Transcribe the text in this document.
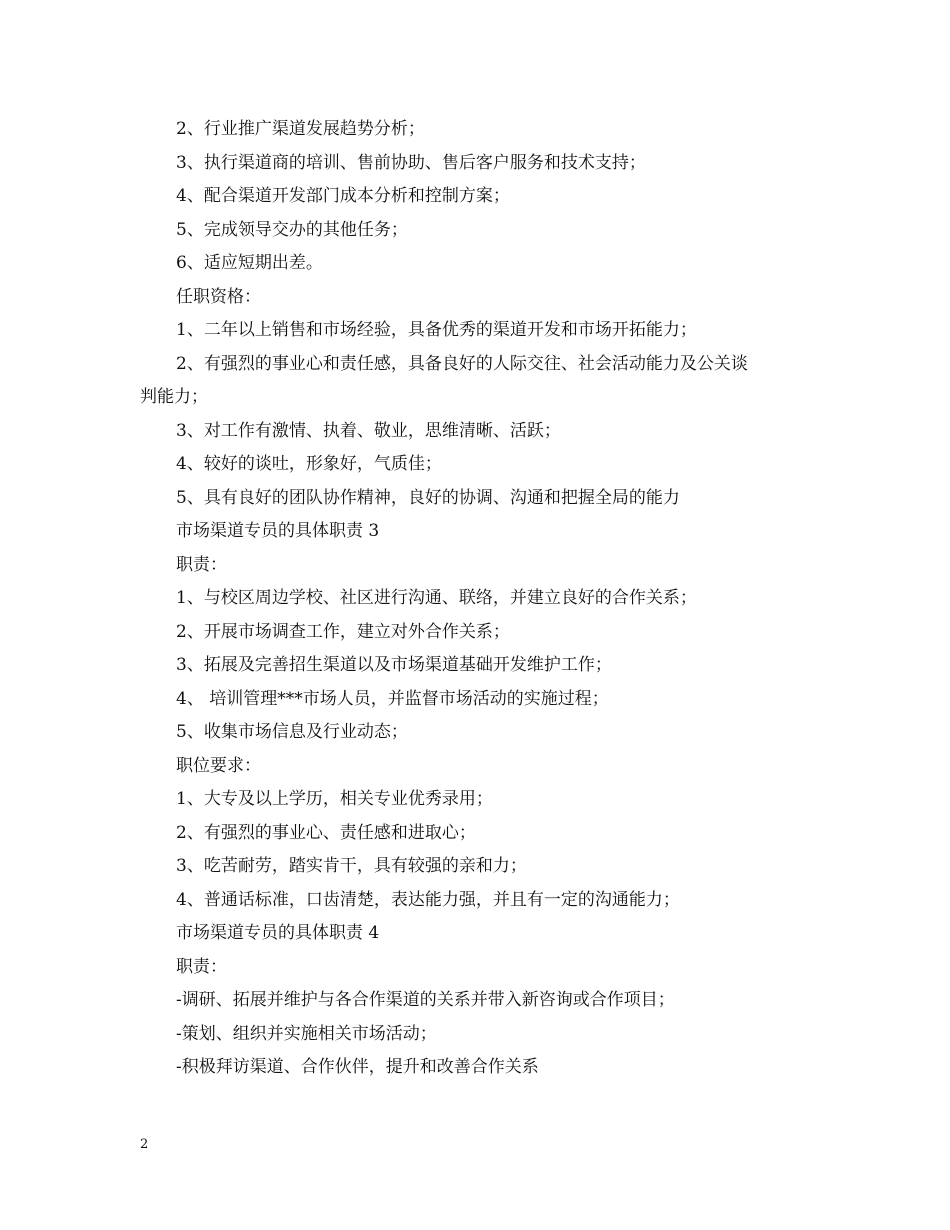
2、行业推广渠道发展趋势分析；

3、执行渠道商的培训、售前协助、售后客户服务和技术支持；

4、配合渠道开发部门成本分析和控制方案；

5、完成领导交办的其他任务；

6、适应短期出差。

任职资格：

1、二年以上销售和市场经验，具备优秀的渠道开发和市场开拓能力；

2、有强烈的事业心和责任感，具备良好的人际交往、社会活动能力及公关谈

判能力；

3、对工作有激情、执着、敬业，思维清晰、活跃；

4、较好的谈吐，形象好，气质佳；

5、具有良好的团队协作精神，良好的协调、沟通和把握全局的能力

市场渠道专员的具体职责 3

职责：

1、与校区周边学校、社区进行沟通、联络，并建立良好的合作关系；

2、开展市场调查工作，建立对外合作关系；

3、拓展及完善招生渠道以及市场渠道基础开发维护工作；

4、 培训管理***市场人员，并监督市场活动的实施过程；

5、收集市场信息及行业动态；

职位要求：

1、大专及以上学历，相关专业优秀录用；

2、有强烈的事业心、责任感和进取心；

3、吃苦耐劳，踏实肯干，具有较强的亲和力；

4、普通话标准，口齿清楚，表达能力强，并且有一定的沟通能力；

市场渠道专员的具体职责 4

职责：

-调研、拓展并维护与各合作渠道的关系并带入新咨询或合作项目；

-策划、组织并实施相关市场活动；

-积极拜访渠道、合作伙伴，提升和改善合作关系

2
